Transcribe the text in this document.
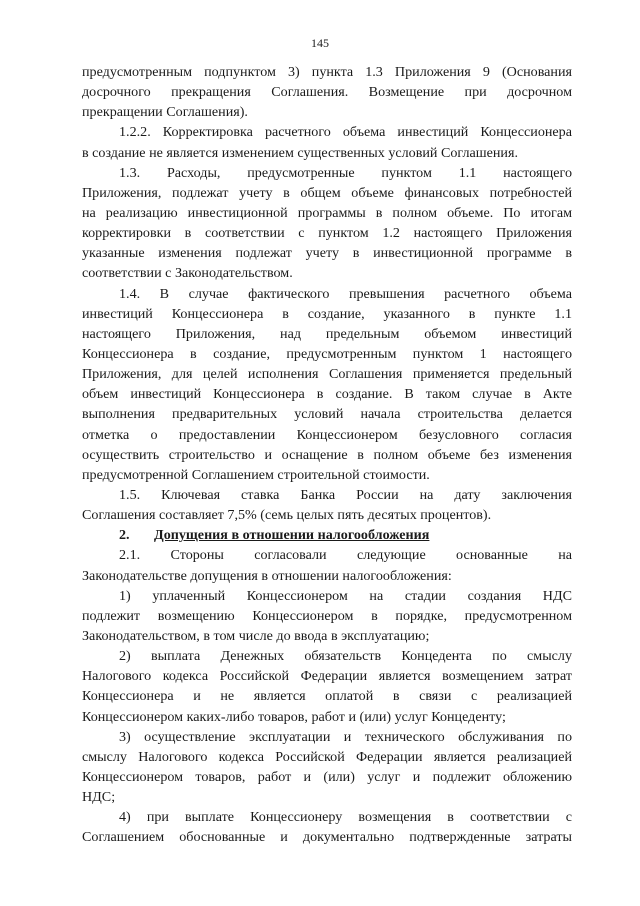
145
предусмотренным подпунктом 3) пункта 1.3 Приложения 9 (Основания
досрочного прекращения Соглашения. Возмещение при досрочном
прекращении Соглашения).
1.2.2. Корректировка расчетного объема инвестиций Концессионера
в создание не является изменением существенных условий Соглашения.
1.3. Расходы, предусмотренные пунктом 1.1 настоящего
Приложения, подлежат учету в общем объеме финансовых потребностей
на реализацию инвестиционной программы в полном объеме. По итогам
корректировки в соответствии с пунктом 1.2 настоящего Приложения
указанные изменения подлежат учету в инвестиционной программе в
соответствии с Законодательством.
1.4. В случае фактического превышения расчетного объема
инвестиций Концессионера в создание, указанного в пункте 1.1
настоящего Приложения, над предельным объемом инвестиций
Концессионера в создание, предусмотренным пунктом 1 настоящего
Приложения, для целей исполнения Соглашения применяется предельный
объем инвестиций Концессионера в создание. В таком случае в Акте
выполнения предварительных условий начала строительства делается
отметка о предоставлении Концессионером безусловного согласия
осуществить строительство и оснащение в полном объеме без изменения
предусмотренной Соглашением строительной стоимости.
1.5. Ключевая ставка Банка России на дату заключения
Соглашения составляет 7,5% (семь целых пять десятых процентов).
2. Допущения в отношении налогообложения
2.1. Стороны согласовали следующие основанные на
Законодательстве допущения в отношении налогообложения:
1) уплаченный Концессионером на стадии создания НДС
подлежит возмещению Концессионером в порядке, предусмотренном
Законодательством, в том числе до ввода в эксплуатацию;
2) выплата Денежных обязательств Концедента по смыслу
Налогового кодекса Российской Федерации является возмещением затрат
Концессионера и не является оплатой в связи с реализацией
Концессионером каких-либо товаров, работ и (или) услуг Концеденту;
3) осуществление эксплуатации и технического обслуживания по
смыслу Налогового кодекса Российской Федерации является реализацией
Концессионером товаров, работ и (или) услуг и подлежит обложению
НДС;
4) при выплате Концессионеру возмещения в соответствии с
Соглашением обоснованные и документально подтвержденные затраты
